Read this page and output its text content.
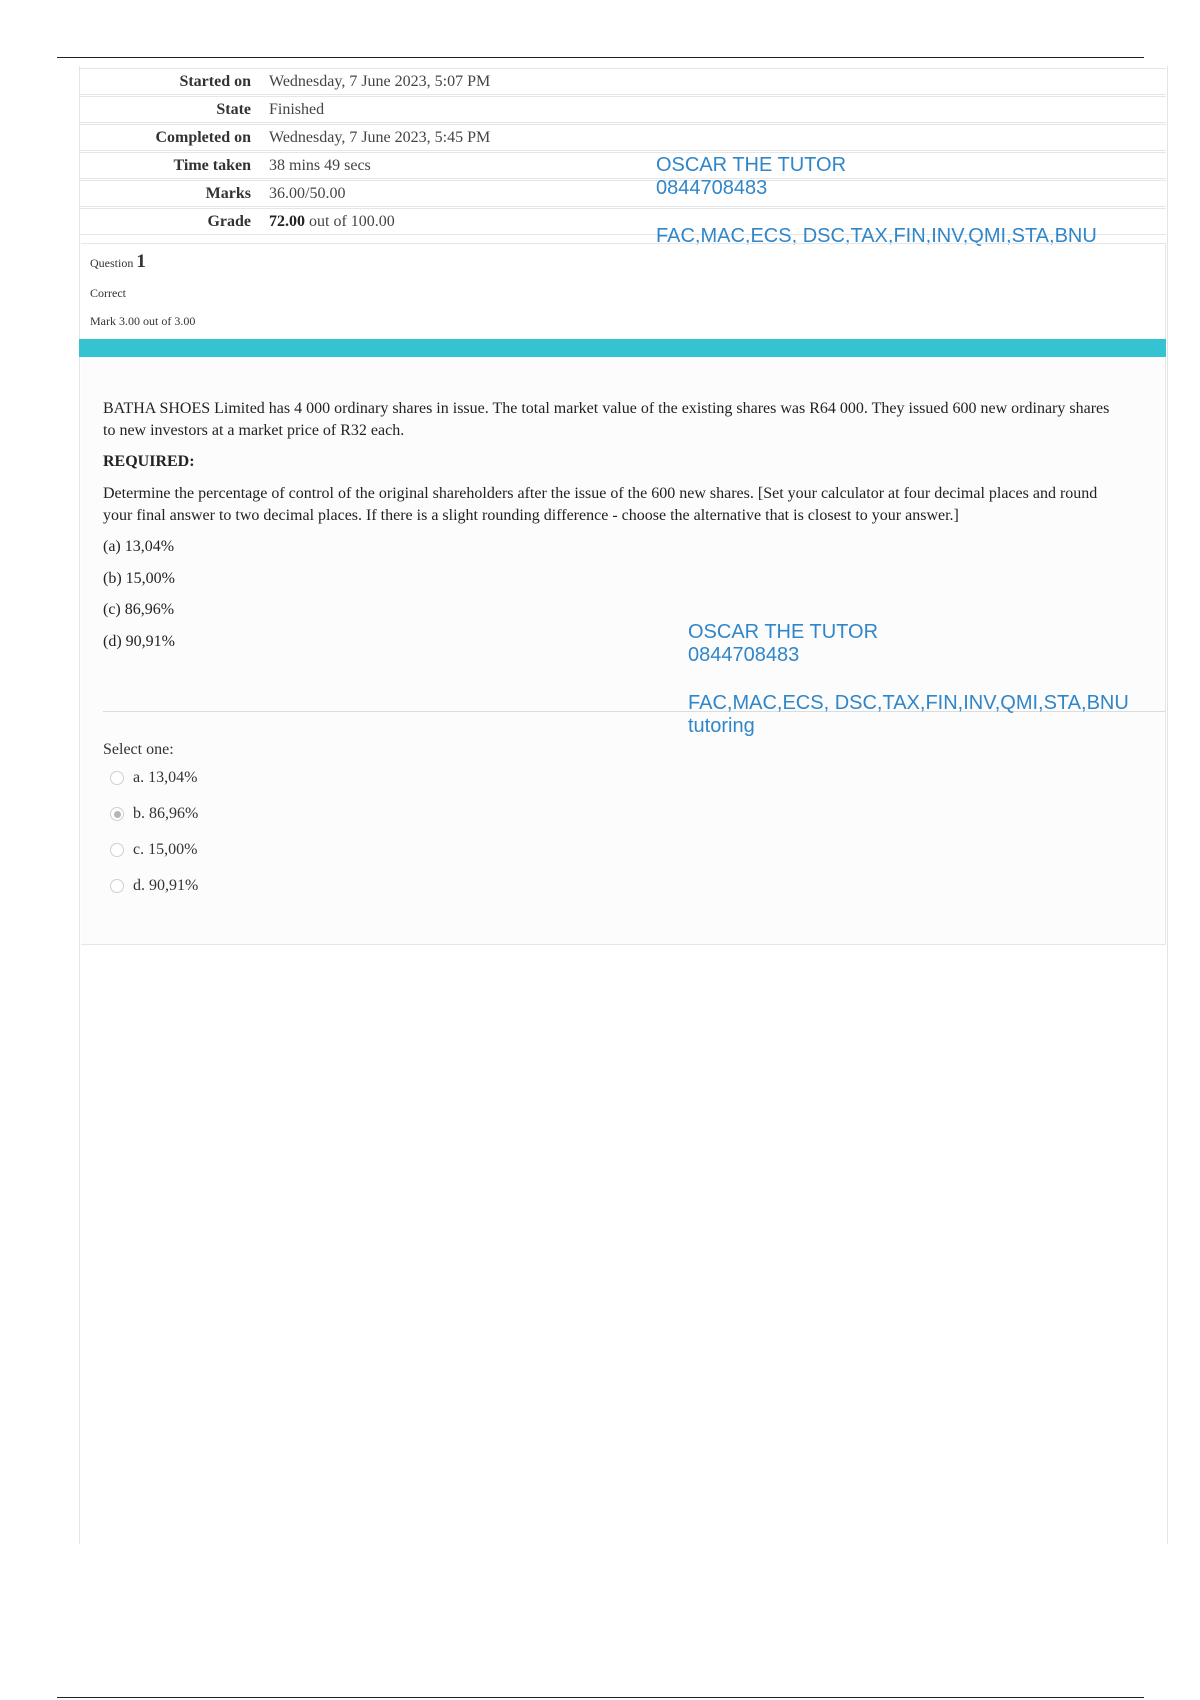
Started on Wednesday, 7 June 2023, 5:07 PM
State Finished
Completed on Wednesday, 7 June 2023, 5:45 PM
Time taken 38 mins 49 secs
Marks 36.00/50.00
Grade 72.00 out of 100.00
OSCAR THE TUTOR
0844708483
FAC,MAC,ECS, DSC,TAX,FIN,INV,QMI,STA,BNU
Question 1
Correct
Mark 3.00 out of 3.00
BATHA SHOES Limited has 4 000 ordinary shares in issue. The total market value of the existing shares was R64 000. They issued 600 new ordinary shares to new investors at a market price of R32 each.
REQUIRED:
Determine the percentage of control of the original shareholders after the issue of the 600 new shares. [Set your calculator at four decimal places and round your final answer to two decimal places. If there is a slight rounding difference - choose the alternative that is closest to your answer.]
(a) 13,04%
(b) 15,00%
(c) 86,96%
(d) 90,91%	OSCAR THE TUTOR
0844708483
FAC,MAC,ECS, DSC,TAX,FIN,INV,QMI,STA,BNU
tutoring
Select one:
a. 13,04%
b. 86,96%
c. 15,00%
d. 90,91%
